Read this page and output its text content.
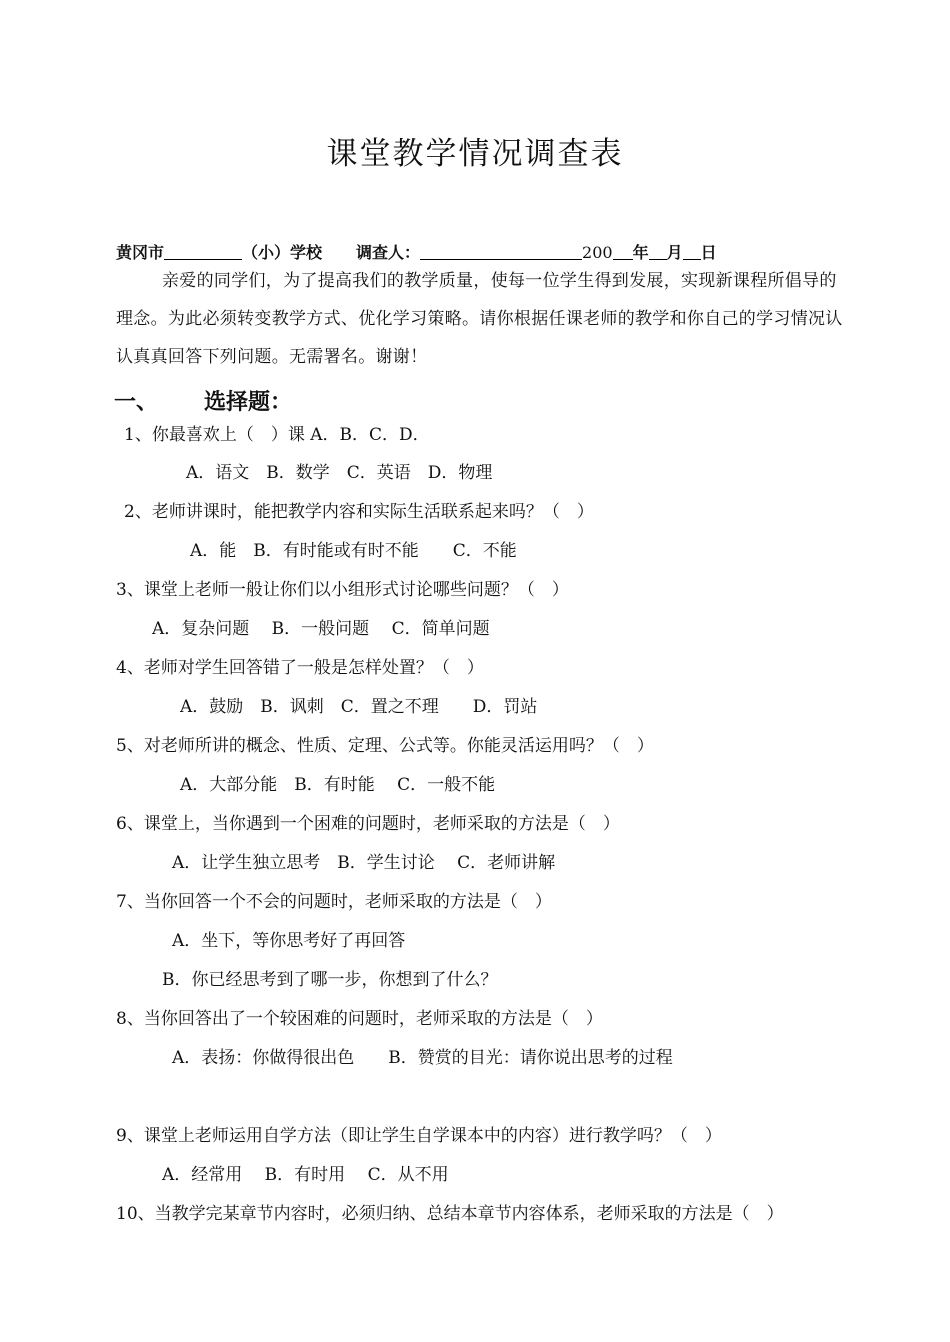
课堂教学情况调查表
黄冈市	（小）学校 调查人：	200 年 月 日
亲爱的同学们，为了提高我们的教学质量，使每一位学生得到发展，实现新课程所倡导的理念。为此必须转变教学方式、优化学习策略。请你根据任课老师的教学和你自己的学习情况认认真真回答下列问题。无需署名。谢谢！
一、 选择题：
1、你最喜欢上（　）课 A．B．C．D．
A．语文　B．数学　C．英语　D．物理
2、老师讲课时，能把教学内容和实际生活联系起来吗？（　）
A．能　B．有时能或有时不能　　C．不能
3、课堂上老师一般让你们以小组形式讨论哪些问题？（　）
A．复杂问题　 B．一般问题　 C．简单问题
4、老师对学生回答错了一般是怎样处置？（　）
A．鼓励　B．讽刺　C．置之不理　　D．罚站
5、对老师所讲的概念、性质、定理、公式等。你能灵活运用吗？（　）
A．大部分能　B．有时能　 C．一般不能
6、课堂上，当你遇到一个困难的问题时，老师采取的方法是（　）
A．让学生独立思考　B．学生讨论　 C．老师讲解
7、当你回答一个不会的问题时，老师采取的方法是（　）
A．坐下，等你思考好了再回答
B．你已经思考到了哪一步，你想到了什么？
8、当你回答出了一个较困难的问题时，老师采取的方法是（　）
A．表扬：你做得很出色　　B．赞赏的目光：请你说出思考的过程
9、课堂上老师运用自学方法（即让学生自学课本中的内容）进行教学吗？（　）
A．经常用　 B．有时用　 C．从不用
10、当教学完某章节内容时，必须归纳、总结本章节内容体系，老师采取的方法是（　）
